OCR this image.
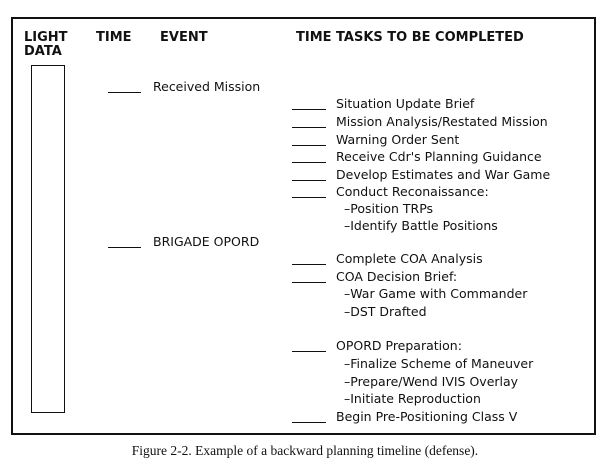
LIGHT
DATA
TIME EVENT	TIME TASKS TO BE COMPLETED
Received Mission
BRIGADE OPORD
Situation Update Brief
Mission Analysis/Restated Mission
Warning Order Sent
Receive Cdr's Planning Guidance
Develop Estimates and War Game
Conduct Reconaissance:
–Position TRPs
–Identify Battle Positions
Complete COA Analysis
COA Decision Brief:
–War Game with Commander
–DST Drafted
OPORD Preparation:
–Finalize Scheme of Maneuver
–Prepare/Wend IVIS Overlay
–Initiate Reproduction
Begin Pre-Positioning Class V
Figure 2-2. Example of a backward planning timeline (defense).
